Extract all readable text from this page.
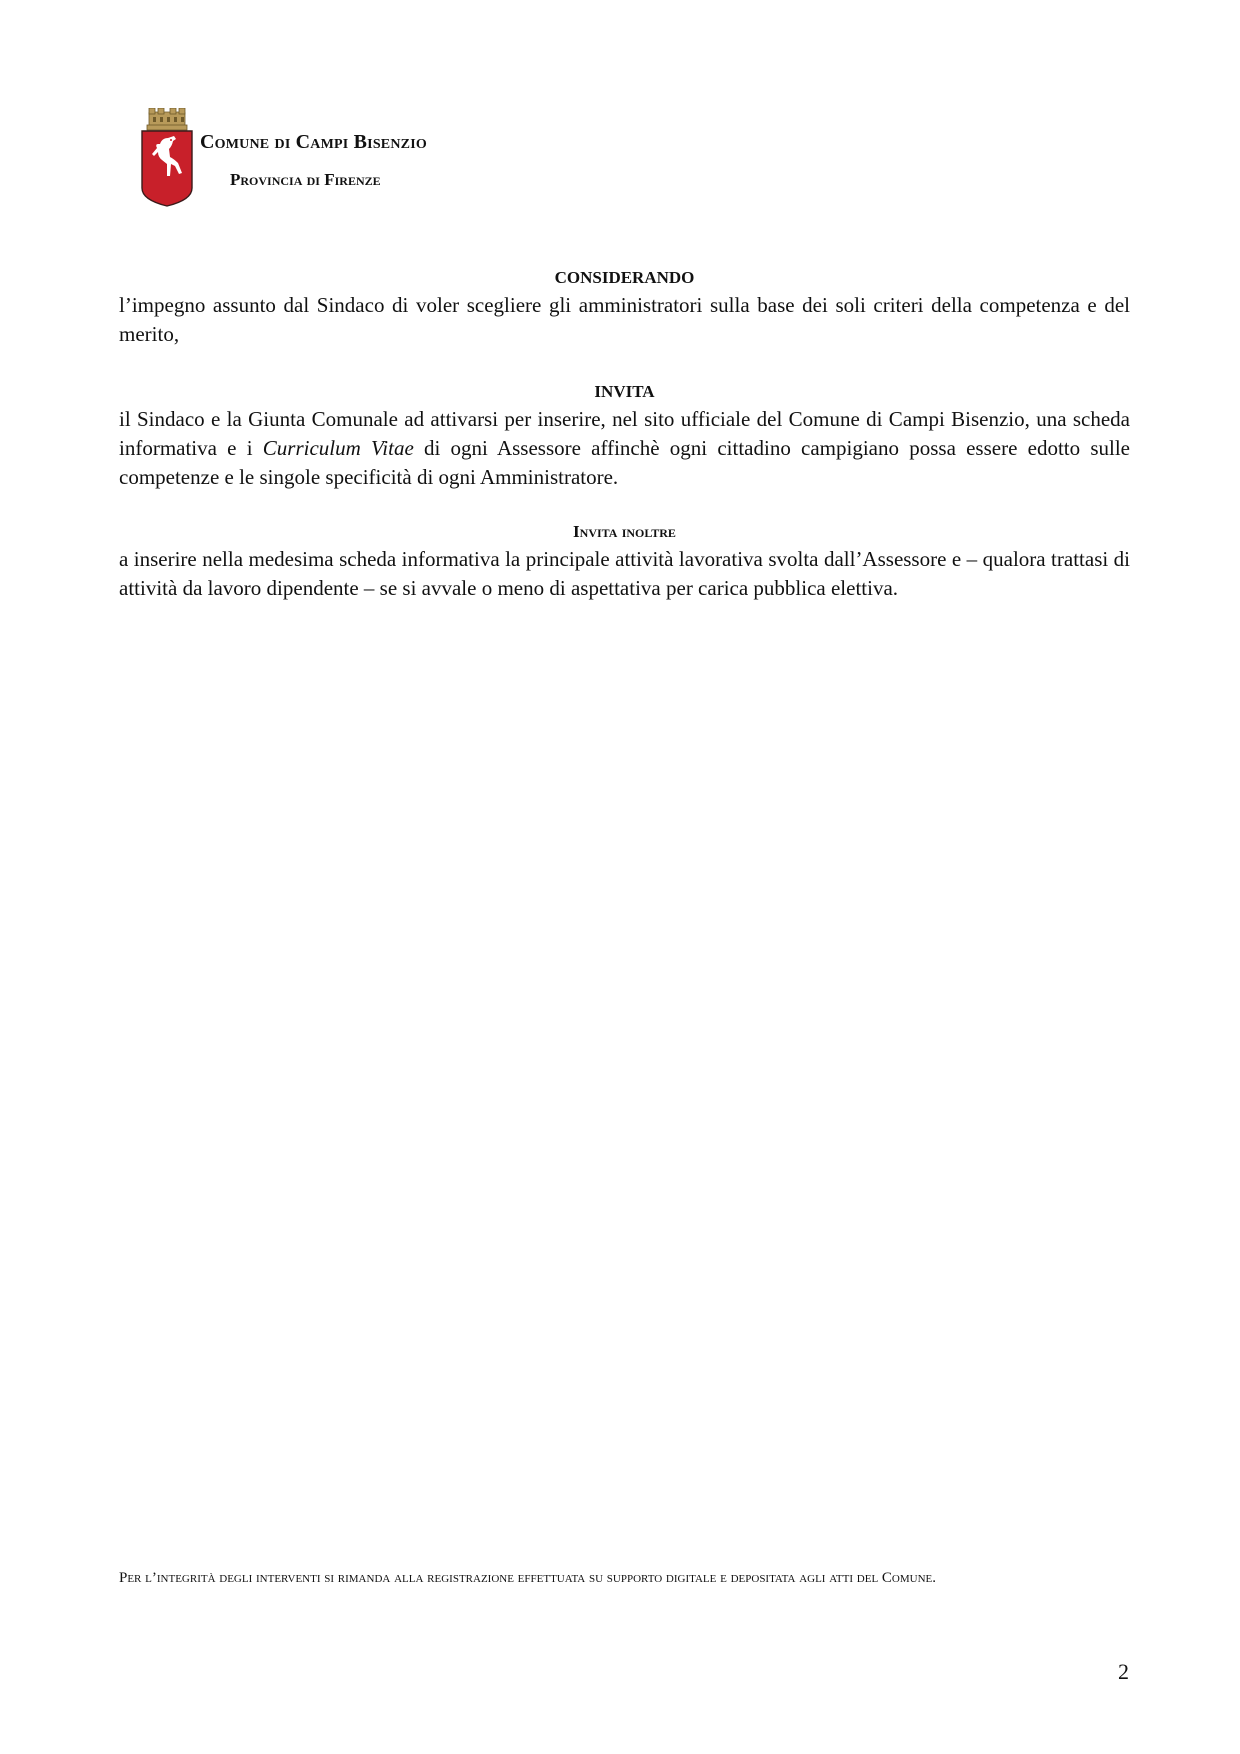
Comune di Campi Bisenzio
Provincia di Firenze

CONSIDERANDO

l’impegno assunto dal Sindaco di voler scegliere gli amministratori sulla base dei soli criteri della competenza e del merito,

INVITA

il Sindaco e la Giunta Comunale ad attivarsi per inserire, nel sito ufficiale del Comune di Campi Bisenzio, una scheda informativa e i Curriculum Vitae di ogni Assessore affinchè ogni cittadino campigiano possa essere edotto sulle competenze e le singole specificità di ogni Amministratore.

Invita inoltre

a inserire nella medesima scheda informativa la principale attività lavorativa svolta dall’Assessore e – qualora trattasi di attività da lavoro dipendente – se si avvale o meno di aspettativa per carica pubblica elettiva.

Per l’integrità degli interventi si rimanda alla registrazione effettuata su supporto digitale e depositata agli atti del Comune.

2
